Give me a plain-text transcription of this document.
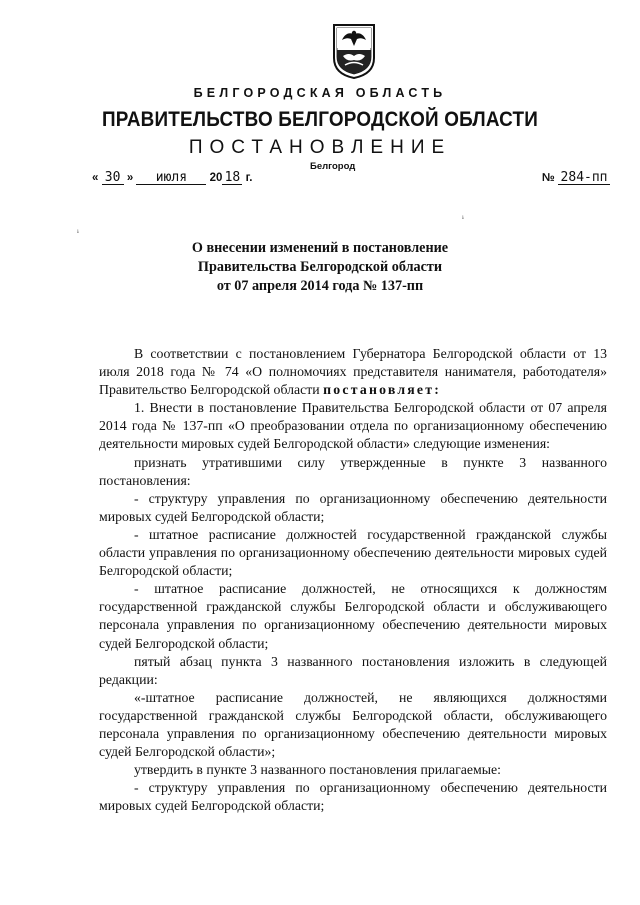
БЕЛГОРОДСКАЯ ОБЛАСТЬ
ПРАВИТЕЛЬСТВО БЕЛГОРОДСКОЙ ОБЛАСТИ
ПОСТАНОВЛЕНИЕ
Белгород
« 30 » июля 20 18 г.	№ 284-пп
ⁱ
ⁱ
О внесении изменений в постановление
Правительства Белгородской области
от 07 апреля 2014 года № 137-пп

В соответствии с постановлением Губернатора Белгородской области от 13 июля 2018 года № 74 «О полномочиях представителя нанимателя, работодателя» Правительство Белгородской области постановляет:

1. Внести в постановление Правительства Белгородской области от 07 апреля 2014 года № 137-пп «О преобразовании отдела по организационному обеспечению деятельности мировых судей Белгородской области» следующие изменения:

признать утратившими силу утвержденные в пункте 3 названного постановления:

- структуру управления по организационному обеспечению деятельности мировых судей Белгородской области;

- штатное расписание должностей государственной гражданской службы области управления по организационному обеспечению деятельности мировых судей Белгородской области;

- штатное расписание должностей, не относящихся к должностям государственной гражданской службы Белгородской области и обслуживающего персонала управления по организационному обеспечению деятельности мировых судей Белгородской области;

пятый абзац пункта 3 названного постановления изложить в следующей редакции:

«-штатное расписание должностей, не являющихся должностями государственной гражданской службы Белгородской области, обслуживающего персонала управления по организационному обеспечению деятельности мировых судей Белгородской области»;

утвердить в пункте 3 названного постановления прилагаемые:

- структуру управления по организационному обеспечению деятельности мировых судей Белгородской области;
